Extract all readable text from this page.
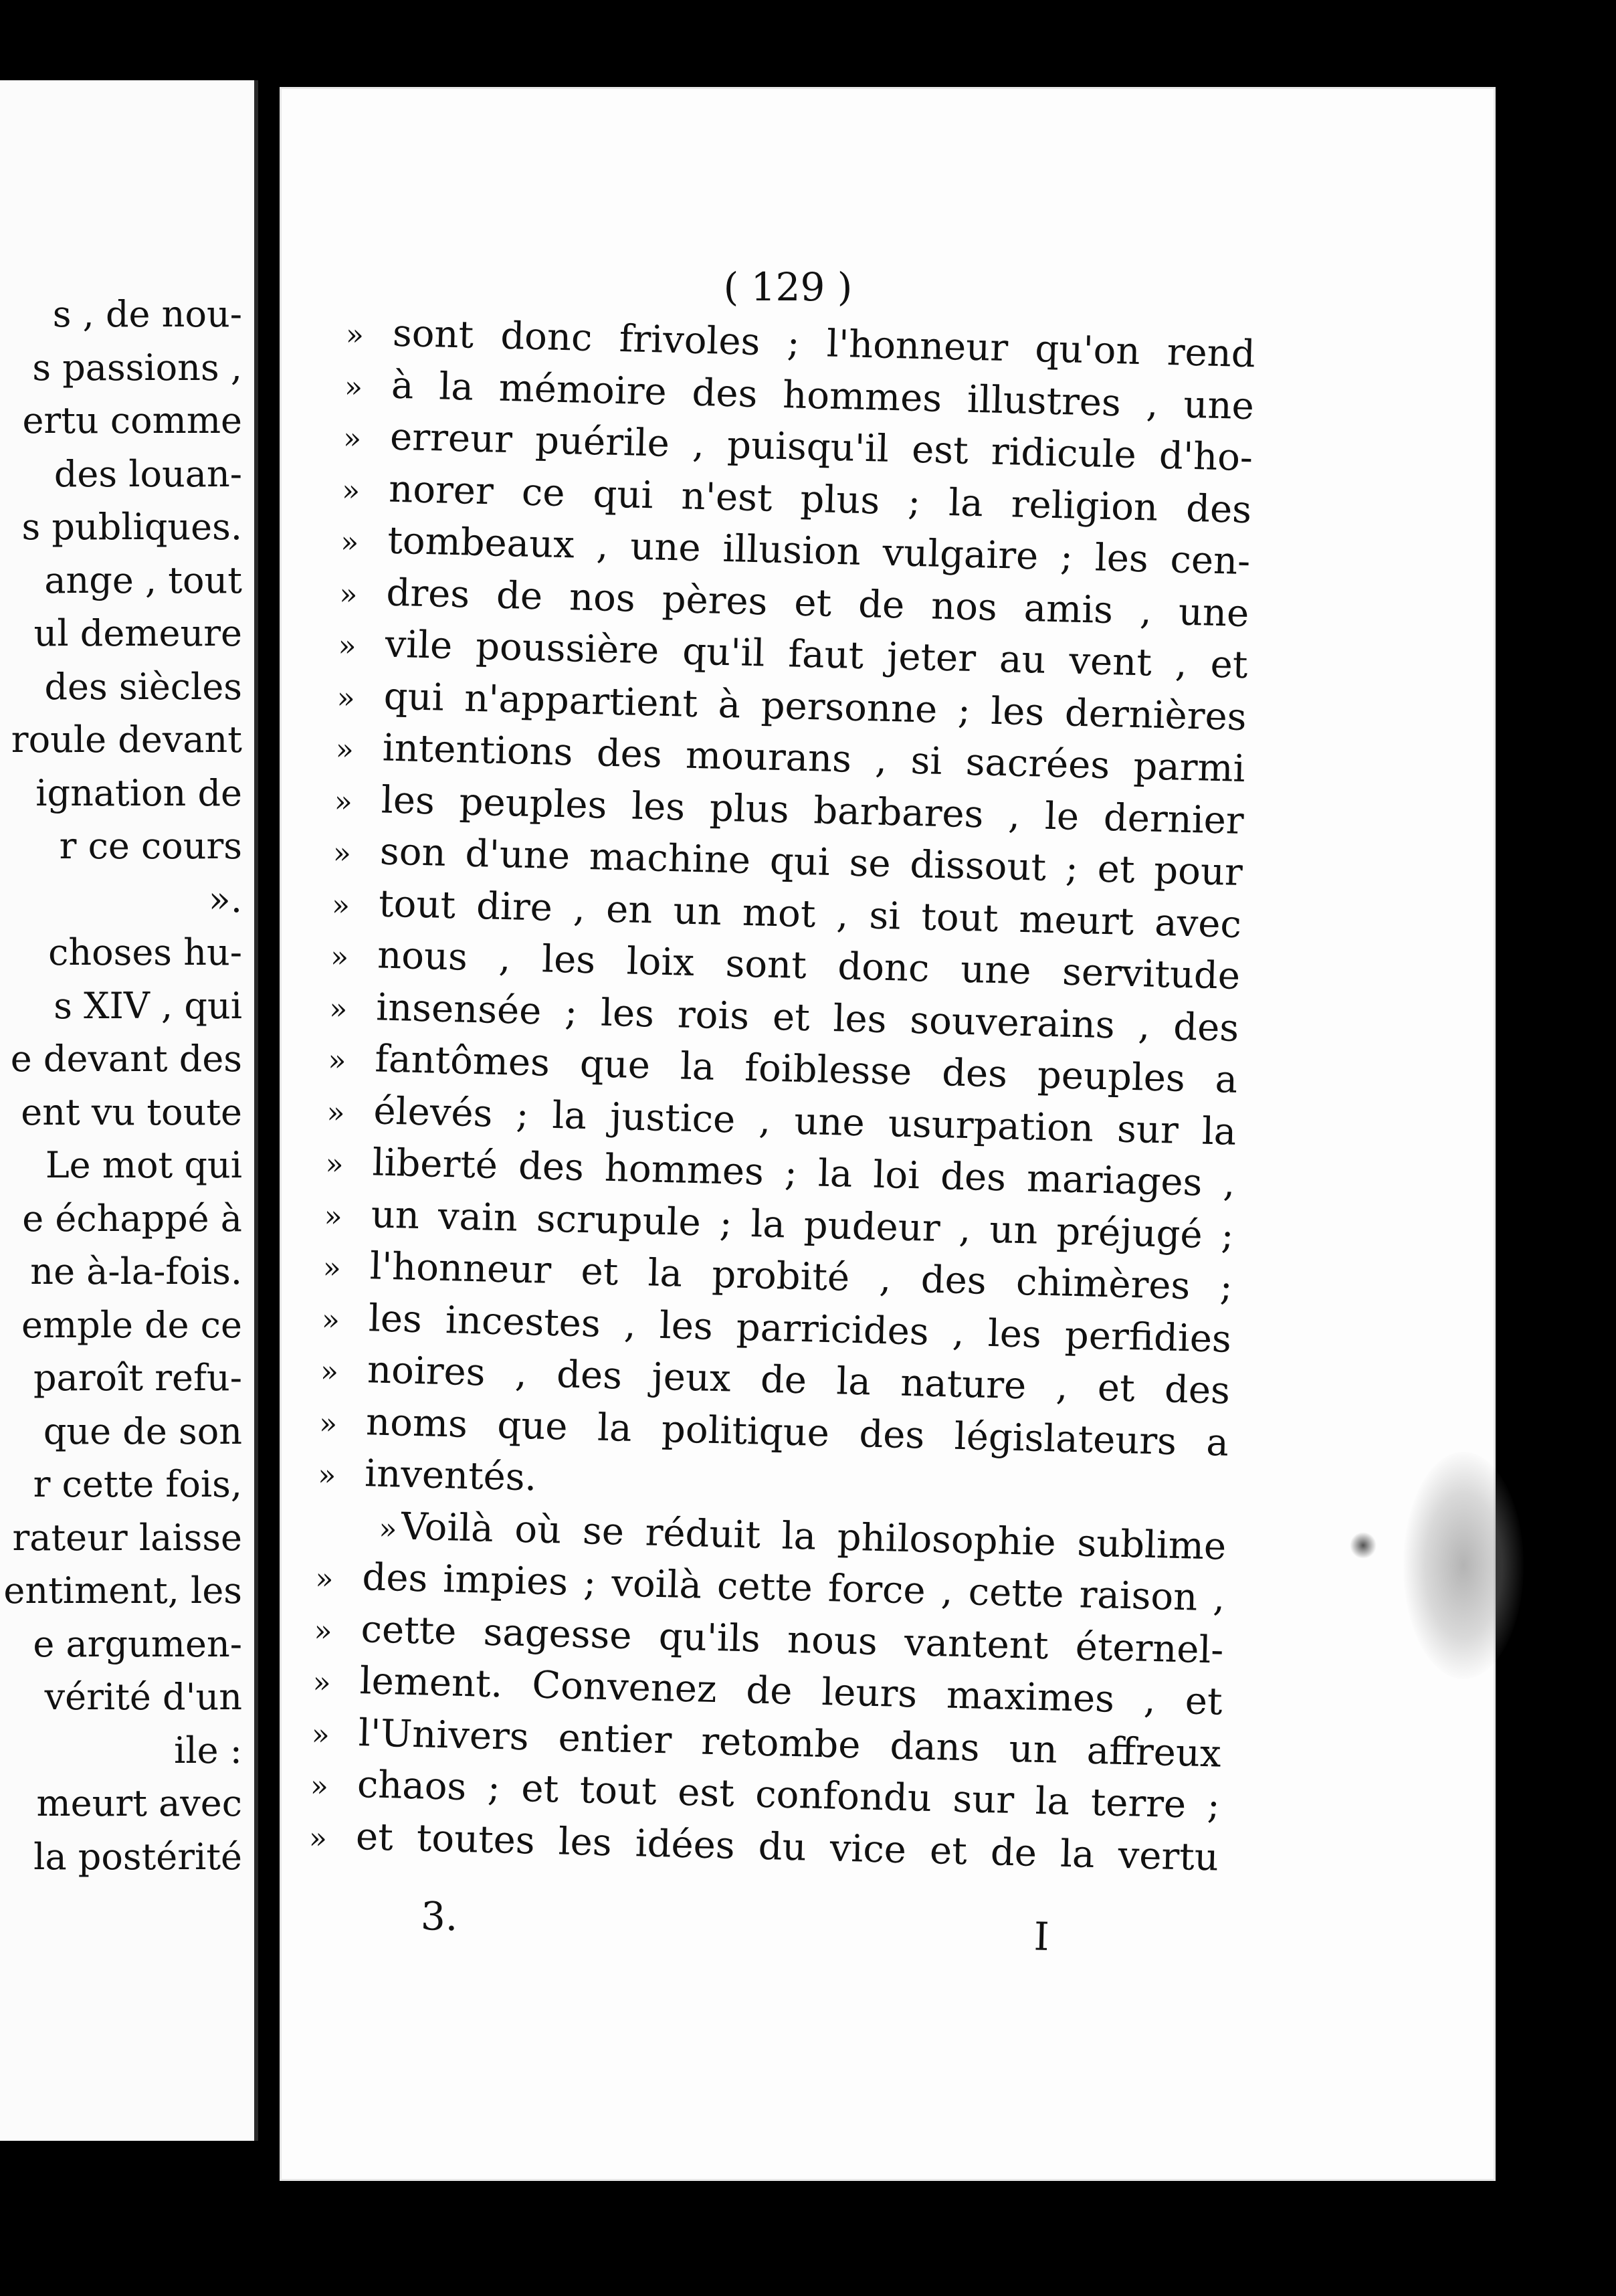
s , de nou-
s passions ,
ertu comme
des louan-
s publiques.
ange , tout
ul demeure
des siècles
roule devant
ignation de
r ce cours
».
choses hu-
s XIV , qui
e devant des
ent vu toute
Le mot qui
e échappé à
ne à-la-fois.
emple de ce
paroît refu-
que de son
r cette fois,
rateur laisse
entiment, les
e argumen-
vérité d'un
ile :
meurt avec
la postérité
( 129 )
» sont donc frivoles ; l'honneur qu'on rend
» à la mémoire des hommes illustres , une
» erreur puérile , puisqu'il est ridicule d'ho-
» norer ce qui n'est plus ; la religion des
» tombeaux , une illusion vulgaire ; les cen-
» dres de nos pères et de nos amis , une
» vile poussière qu'il faut jeter au vent , et
» qui n'appartient à personne ; les dernières
» intentions des mourans , si sacrées parmi
» les peuples les plus barbares , le dernier
» son d'une machine qui se dissout ; et pour
» tout dire , en un mot , si tout meurt avec
» nous , les loix sont donc une servitude
» insensée ; les rois et les souverains , des
» fantômes que la foiblesse des peuples a
» élevés ; la justice , une usurpation sur la
» liberté des hommes ; la loi des mariages ,
» un vain scrupule ; la pudeur , un préjugé ;
» l'honneur et la probité , des chimères ;
» les incestes , les parricides , les perfidies
» noires , des jeux de la nature , et des
» noms que la politique des législateurs a
» inventés.
» Voilà où se réduit la philosophie sublime
» des impies ; voilà cette force , cette raison ,
» cette sagesse qu'ils nous vantent éternel-
» lement. Convenez de leurs maximes , et
» l'Univers entier retombe dans un affreux
» chaos ; et tout est confondu sur la terre ;
» et toutes les idées du vice et de la vertu
3.	I
